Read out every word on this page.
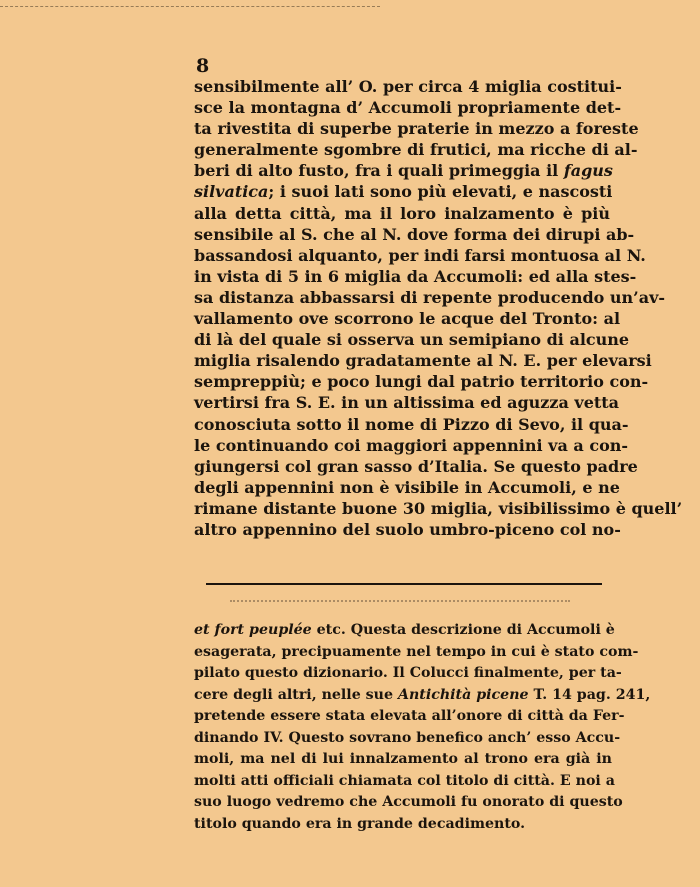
8
sensibilmente all’ O. per circa 4 miglia costitui-
sce la montagna d’ Accumoli propriamente det-
ta rivestita di superbe praterie in mezzo a foreste
generalmente sgombre di frutici, ma ricche di al-
beri di alto fusto, fra i quali primeggia il fagus
silvatica; i suoi lati sono più elevati, e nascosti
alla detta città, ma il loro inalzamento è più
sensibile al S. che al N. dove forma dei dirupi ab-
bassandosi alquanto, per indi farsi montuosa al N.
in vista di 5 in 6 miglia da Accumoli: ed alla stes-
sa distanza abbassarsi di repente producendo un’av-
vallamento ove scorrono le acque del Tronto: al
di là del quale si osserva un semipiano di alcune
miglia risalendo gradatamente al N. E. per elevarsi
sempreppiù; e poco lungi dal patrio territorio con-
vertirsi fra S. E. in un altissima ed aguzza vetta
conosciuta sotto il nome di Pizzo di Sevo, il qua-
le continuando coi maggiori appennini va a con-
giungersi col gran sasso d’Italia. Se questo padre
degli appennini non è visibile in Accumoli, e ne
rimane distante buone 30 miglia, visibilissimo è quell’
altro appennino del suolo umbro-piceno col no-
et fort peuplée etc. Questa descrizione di Accumoli è
esagerata, precipuamente nel tempo in cui è stato com-
pilato questo dizionario. Il Colucci finalmente, per ta-
cere degli altri, nelle sue Antichità picene T. 14 pag. 241,
pretende essere stata elevata all’onore di città da Fer-
dinando IV. Questo sovrano benefico anch’ esso Accu-
moli, ma nel di lui innalzamento al trono era già in
molti atti officiali chiamata col titolo di città. E noi a
suo luogo vedremo che Accumoli fu onorato di questo
titolo quando era in grande decadimento.
